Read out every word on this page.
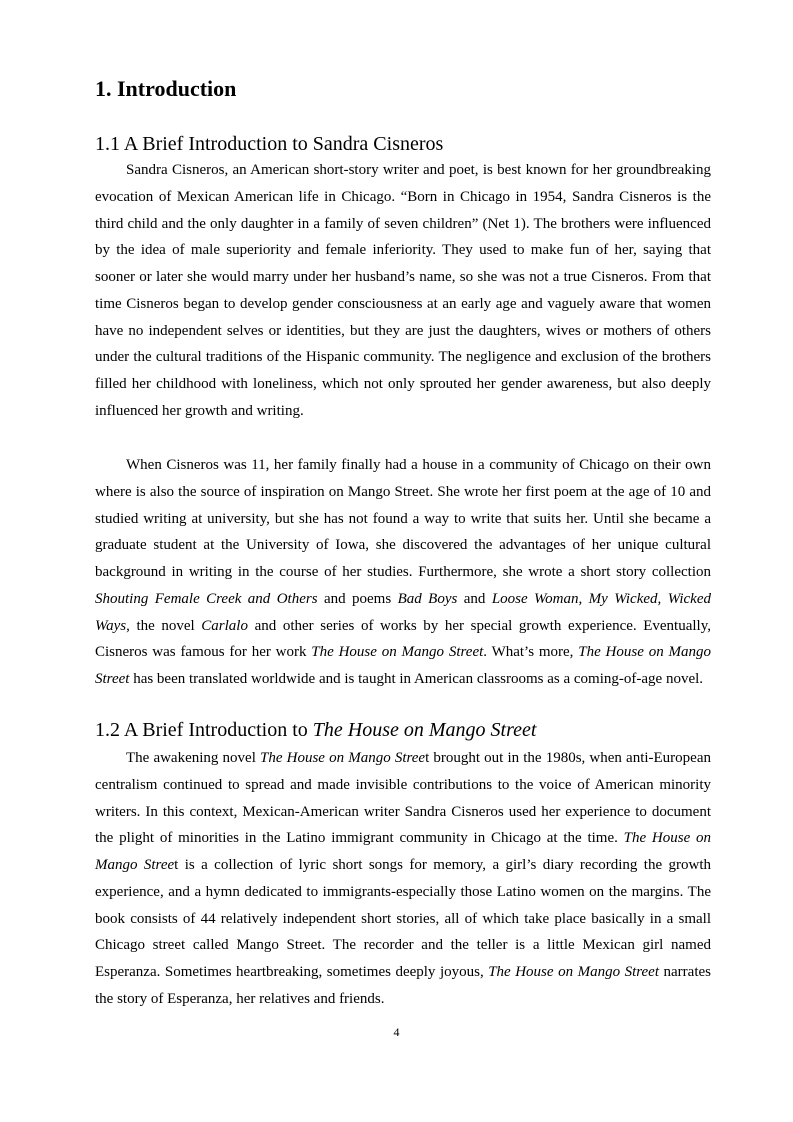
1. Introduction
1.1 A Brief Introduction to Sandra Cisneros

Sandra Cisneros, an American short-story writer and poet, is best known for her groundbreaking evocation of Mexican American life in Chicago. “Born in Chicago in 1954, Sandra Cisneros is the third child and the only daughter in a family of seven children” (Net 1). The brothers were influenced by the idea of male superiority and female inferiority. They used to make fun of her, saying that sooner or later she would marry under her husband’s name, so she was not a true Cisneros. From that time Cisneros began to develop gender consciousness at an early age and vaguely aware that women have no independent selves or identities, but they are just the daughters, wives or mothers of others under the cultural traditions of the Hispanic community. The negligence and exclusion of the brothers filled her childhood with loneliness, which not only sprouted her gender awareness, but also deeply influenced her growth and writing.

When Cisneros was 11, her family finally had a house in a community of Chicago on their own where is also the source of inspiration on Mango Street. She wrote her first poem at the age of 10 and studied writing at university, but she has not found a way to write that suits her. Until she became a graduate student at the University of Iowa, she discovered the advantages of her unique cultural background in writing in the course of her studies. Furthermore, she wrote a short story collection Shouting Female Creek and Others and poems Bad Boys and Loose Woman, My Wicked, Wicked Ways, the novel Carlalo and other series of works by her special growth experience. Eventually, Cisneros was famous for her work The House on Mango Street. What’s more, The House on Mango Street has been translated worldwide and is taught in American classrooms as a coming-of-age novel.

1.2 A Brief Introduction to The House on Mango Street

The awakening novel The House on Mango Street brought out in the 1980s, when anti-European centralism continued to spread and made invisible contributions to the voice of American minority writers. In this context, Mexican-American writer Sandra Cisneros used her experience to document the plight of minorities in the Latino immigrant community in Chicago at the time. The House on Mango Street is a collection of lyric short songs for memory, a girl’s diary recording the growth experience, and a hymn dedicated to immigrants-especially those Latino women on the margins. The book consists of 44 relatively independent short stories, all of which take place basically in a small Chicago street called Mango Street. The recorder and the teller is a little Mexican girl named Esperanza. Sometimes heartbreaking, sometimes deeply joyous, The House on Mango Street narrates the story of Esperanza, her relatives and friends.

4
